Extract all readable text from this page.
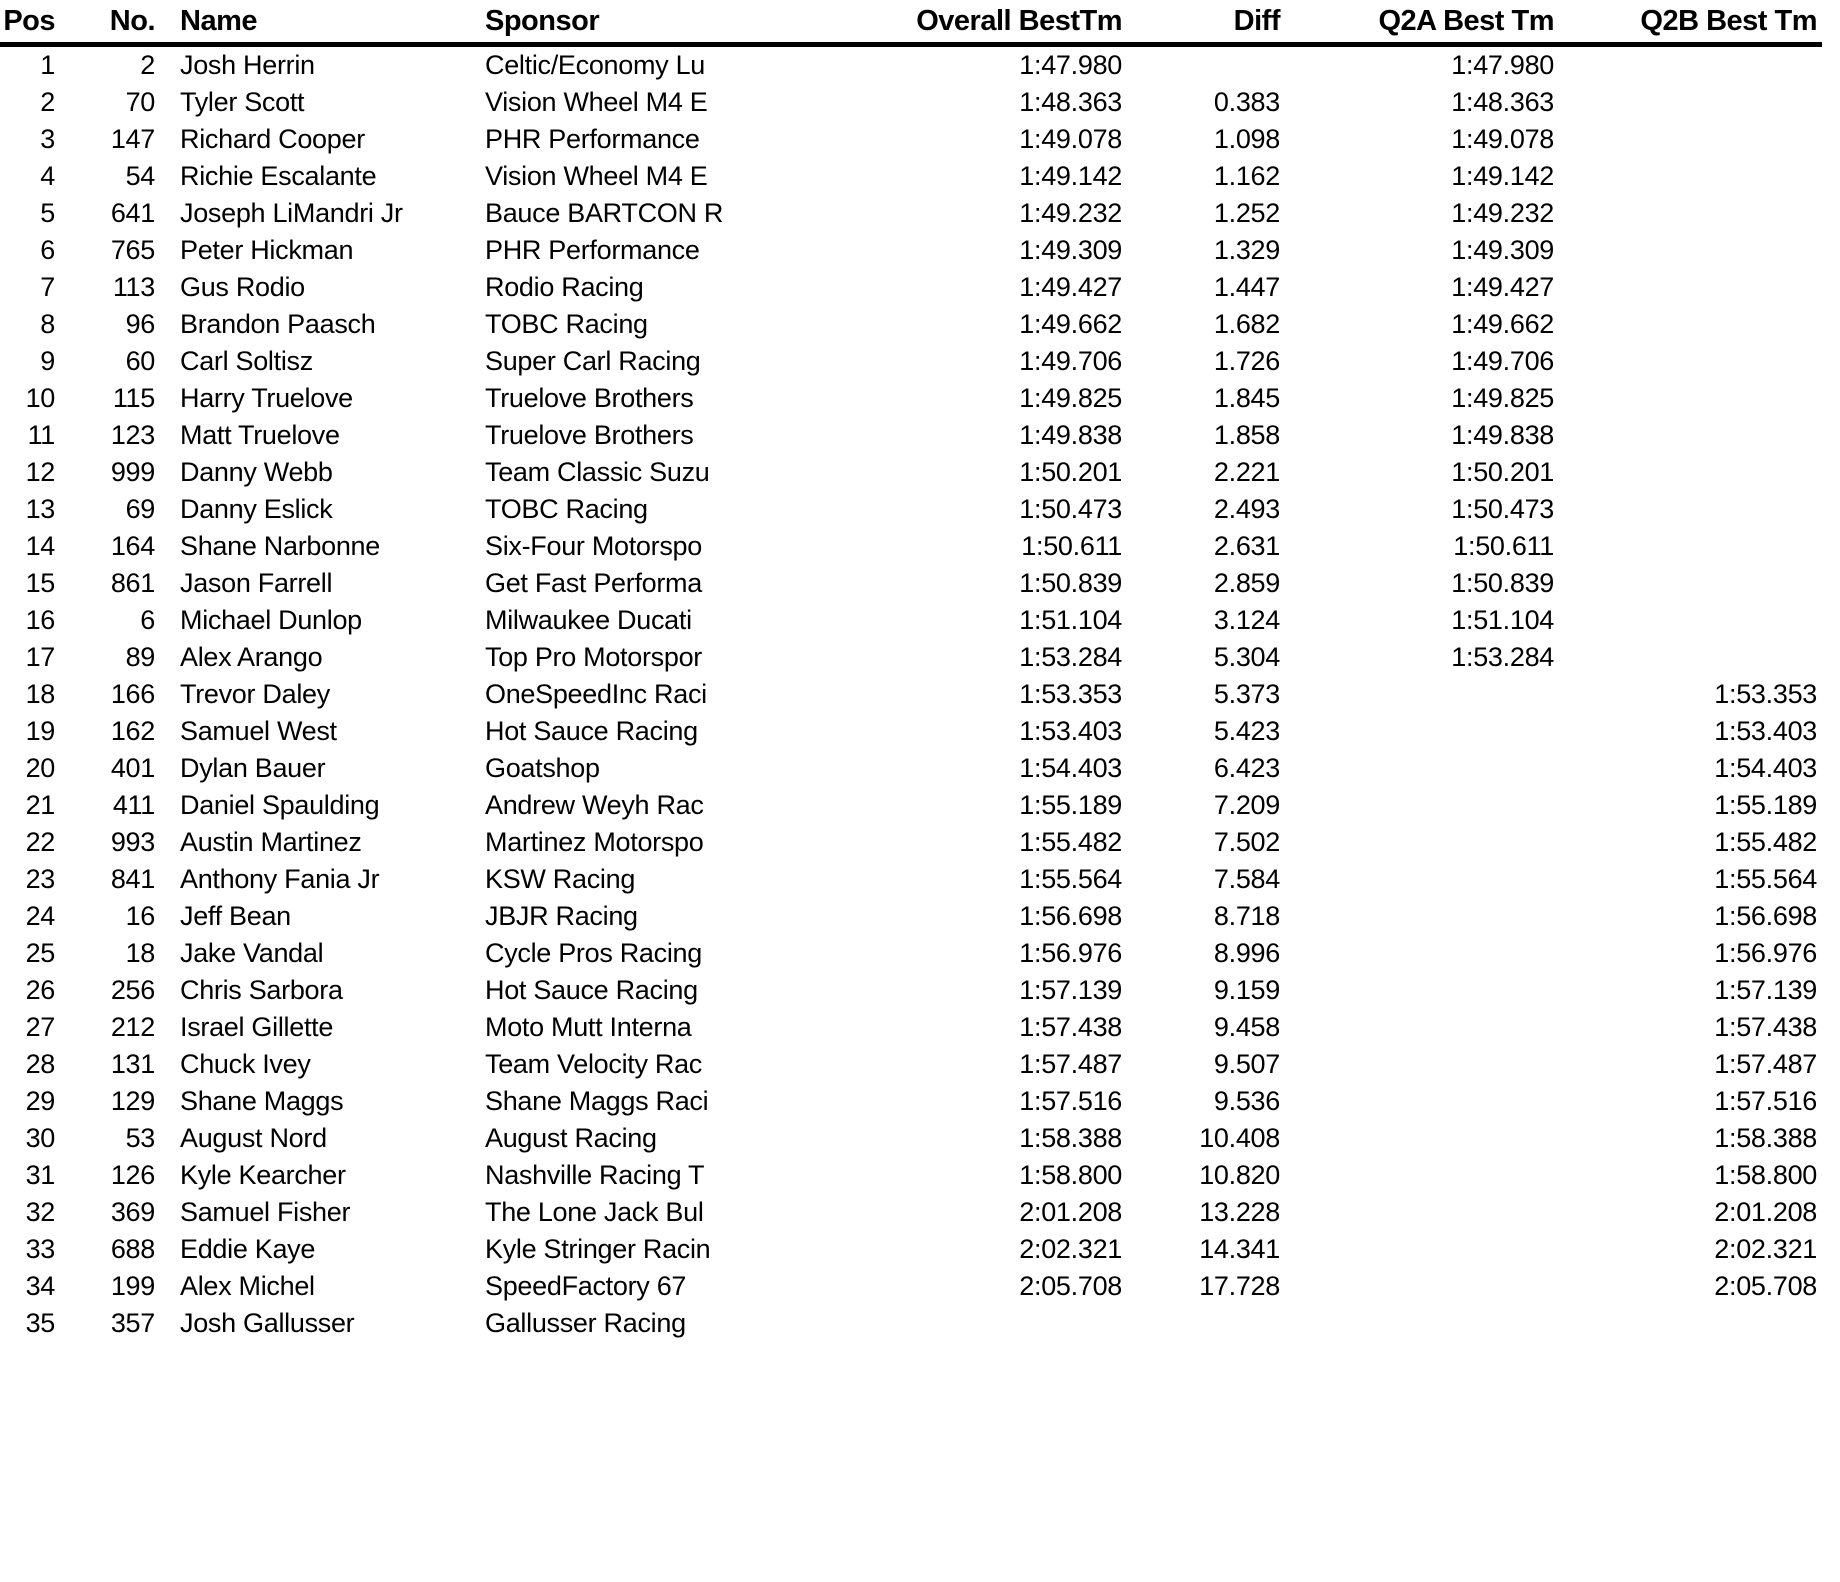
Pos	No.	Name	Sponsor	Overall BestTm	Diff	Q2A Best Tm	Q2B Best Tm
1	2	Josh Herrin	Celtic/Economy Lu	1:47.980		1:47.980	
2	70	Tyler Scott	Vision Wheel M4 E	1:48.363	0.383	1:48.363	
3	147	Richard Cooper	PHR Performance	1:49.078	1.098	1:49.078	
4	54	Richie Escalante	Vision Wheel M4 E	1:49.142	1.162	1:49.142	
5	641	Joseph LiMandri Jr	Bauce BARTCON R	1:49.232	1.252	1:49.232	
6	765	Peter Hickman	PHR Performance	1:49.309	1.329	1:49.309	
7	113	Gus Rodio	Rodio Racing	1:49.427	1.447	1:49.427	
8	96	Brandon Paasch	TOBC Racing	1:49.662	1.682	1:49.662	
9	60	Carl Soltisz	Super Carl Racing	1:49.706	1.726	1:49.706	
10	115	Harry Truelove	Truelove Brothers	1:49.825	1.845	1:49.825	
11	123	Matt Truelove	Truelove Brothers	1:49.838	1.858	1:49.838	
12	999	Danny Webb	Team Classic Suzu	1:50.201	2.221	1:50.201	
13	69	Danny Eslick	TOBC Racing	1:50.473	2.493	1:50.473	
14	164	Shane Narbonne	Six-Four Motorspo	1:50.611	2.631	1:50.611	
15	861	Jason Farrell	Get Fast Performa	1:50.839	2.859	1:50.839	
16	6	Michael Dunlop	Milwaukee Ducati	1:51.104	3.124	1:51.104	
17	89	Alex Arango	Top Pro Motorspor	1:53.284	5.304	1:53.284	
18	166	Trevor Daley	OneSpeedInc Raci	1:53.353	5.373		1:53.353
19	162	Samuel West	Hot Sauce Racing	1:53.403	5.423		1:53.403
20	401	Dylan Bauer	Goatshop	1:54.403	6.423		1:54.403
21	411	Daniel Spaulding	Andrew Weyh Rac	1:55.189	7.209		1:55.189
22	993	Austin Martinez	Martinez Motorspo	1:55.482	7.502		1:55.482
23	841	Anthony Fania Jr	KSW Racing	1:55.564	7.584		1:55.564
24	16	Jeff Bean	JBJR Racing	1:56.698	8.718		1:56.698
25	18	Jake Vandal	Cycle Pros Racing	1:56.976	8.996		1:56.976
26	256	Chris Sarbora	Hot Sauce Racing	1:57.139	9.159		1:57.139
27	212	Israel Gillette	Moto Mutt Interna	1:57.438	9.458		1:57.438
28	131	Chuck Ivey	Team Velocity Rac	1:57.487	9.507		1:57.487
29	129	Shane Maggs	Shane Maggs Raci	1:57.516	9.536		1:57.516
30	53	August Nord	August Racing	1:58.388	10.408		1:58.388
31	126	Kyle Kearcher	Nashville Racing T	1:58.800	10.820		1:58.800
32	369	Samuel Fisher	The Lone Jack Bul	2:01.208	13.228		2:01.208
33	688	Eddie Kaye	Kyle Stringer Racin	2:02.321	14.341		2:02.321
34	199	Alex Michel	SpeedFactory 67	2:05.708	17.728		2:05.708
35	357	Josh Gallusser	Gallusser Racing				
